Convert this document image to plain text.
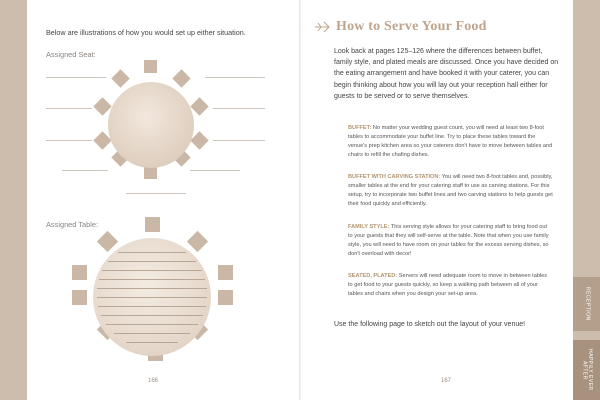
RECEPTION
HAPPILY EVER AFTER
Below are illustrations of how you would set up either situation.
Assigned Seat:
Assigned Table:
166
How to Serve Your Food

Look back at pages 125–126 where the differences between buffet, family style, and plated meals are discussed. Once you have decided on the eating arrangement and have booked it with your caterer, you can begin thinking about how you will lay out your reception hall either for guests to be served or to serve themselves.

BUFFET: No matter your wedding guest count, you will need at least two 8-foot tables to accommodate your buffet line. Try to place these tables toward the venue's prep kitchen area so your caterers don't have to move between tables and chairs to refill the chafing dishes.

BUFFET WITH CARVING STATION: You will need two 8-foot tables and, possibly, smaller tables at the end for your catering staff to use as carving stations. For this setup, try to incorporate two buffet lines and two carving stations to help guests get their food quickly and efficiently.

FAMILY STYLE: This serving style allows for your catering staff to bring food out to your guests that they will self-serve at the table. Note that when you use family style, you will need to have room on your tables for the excess serving dishes, so don't overload with decor!

SEATED, PLATED: Servers will need adequate room to move in between tables to get food to your guests quickly, so keep a walking path between all of your tables and chairs when you design your set-up area.

Use the following page to sketch out the layout of your venue!

167
